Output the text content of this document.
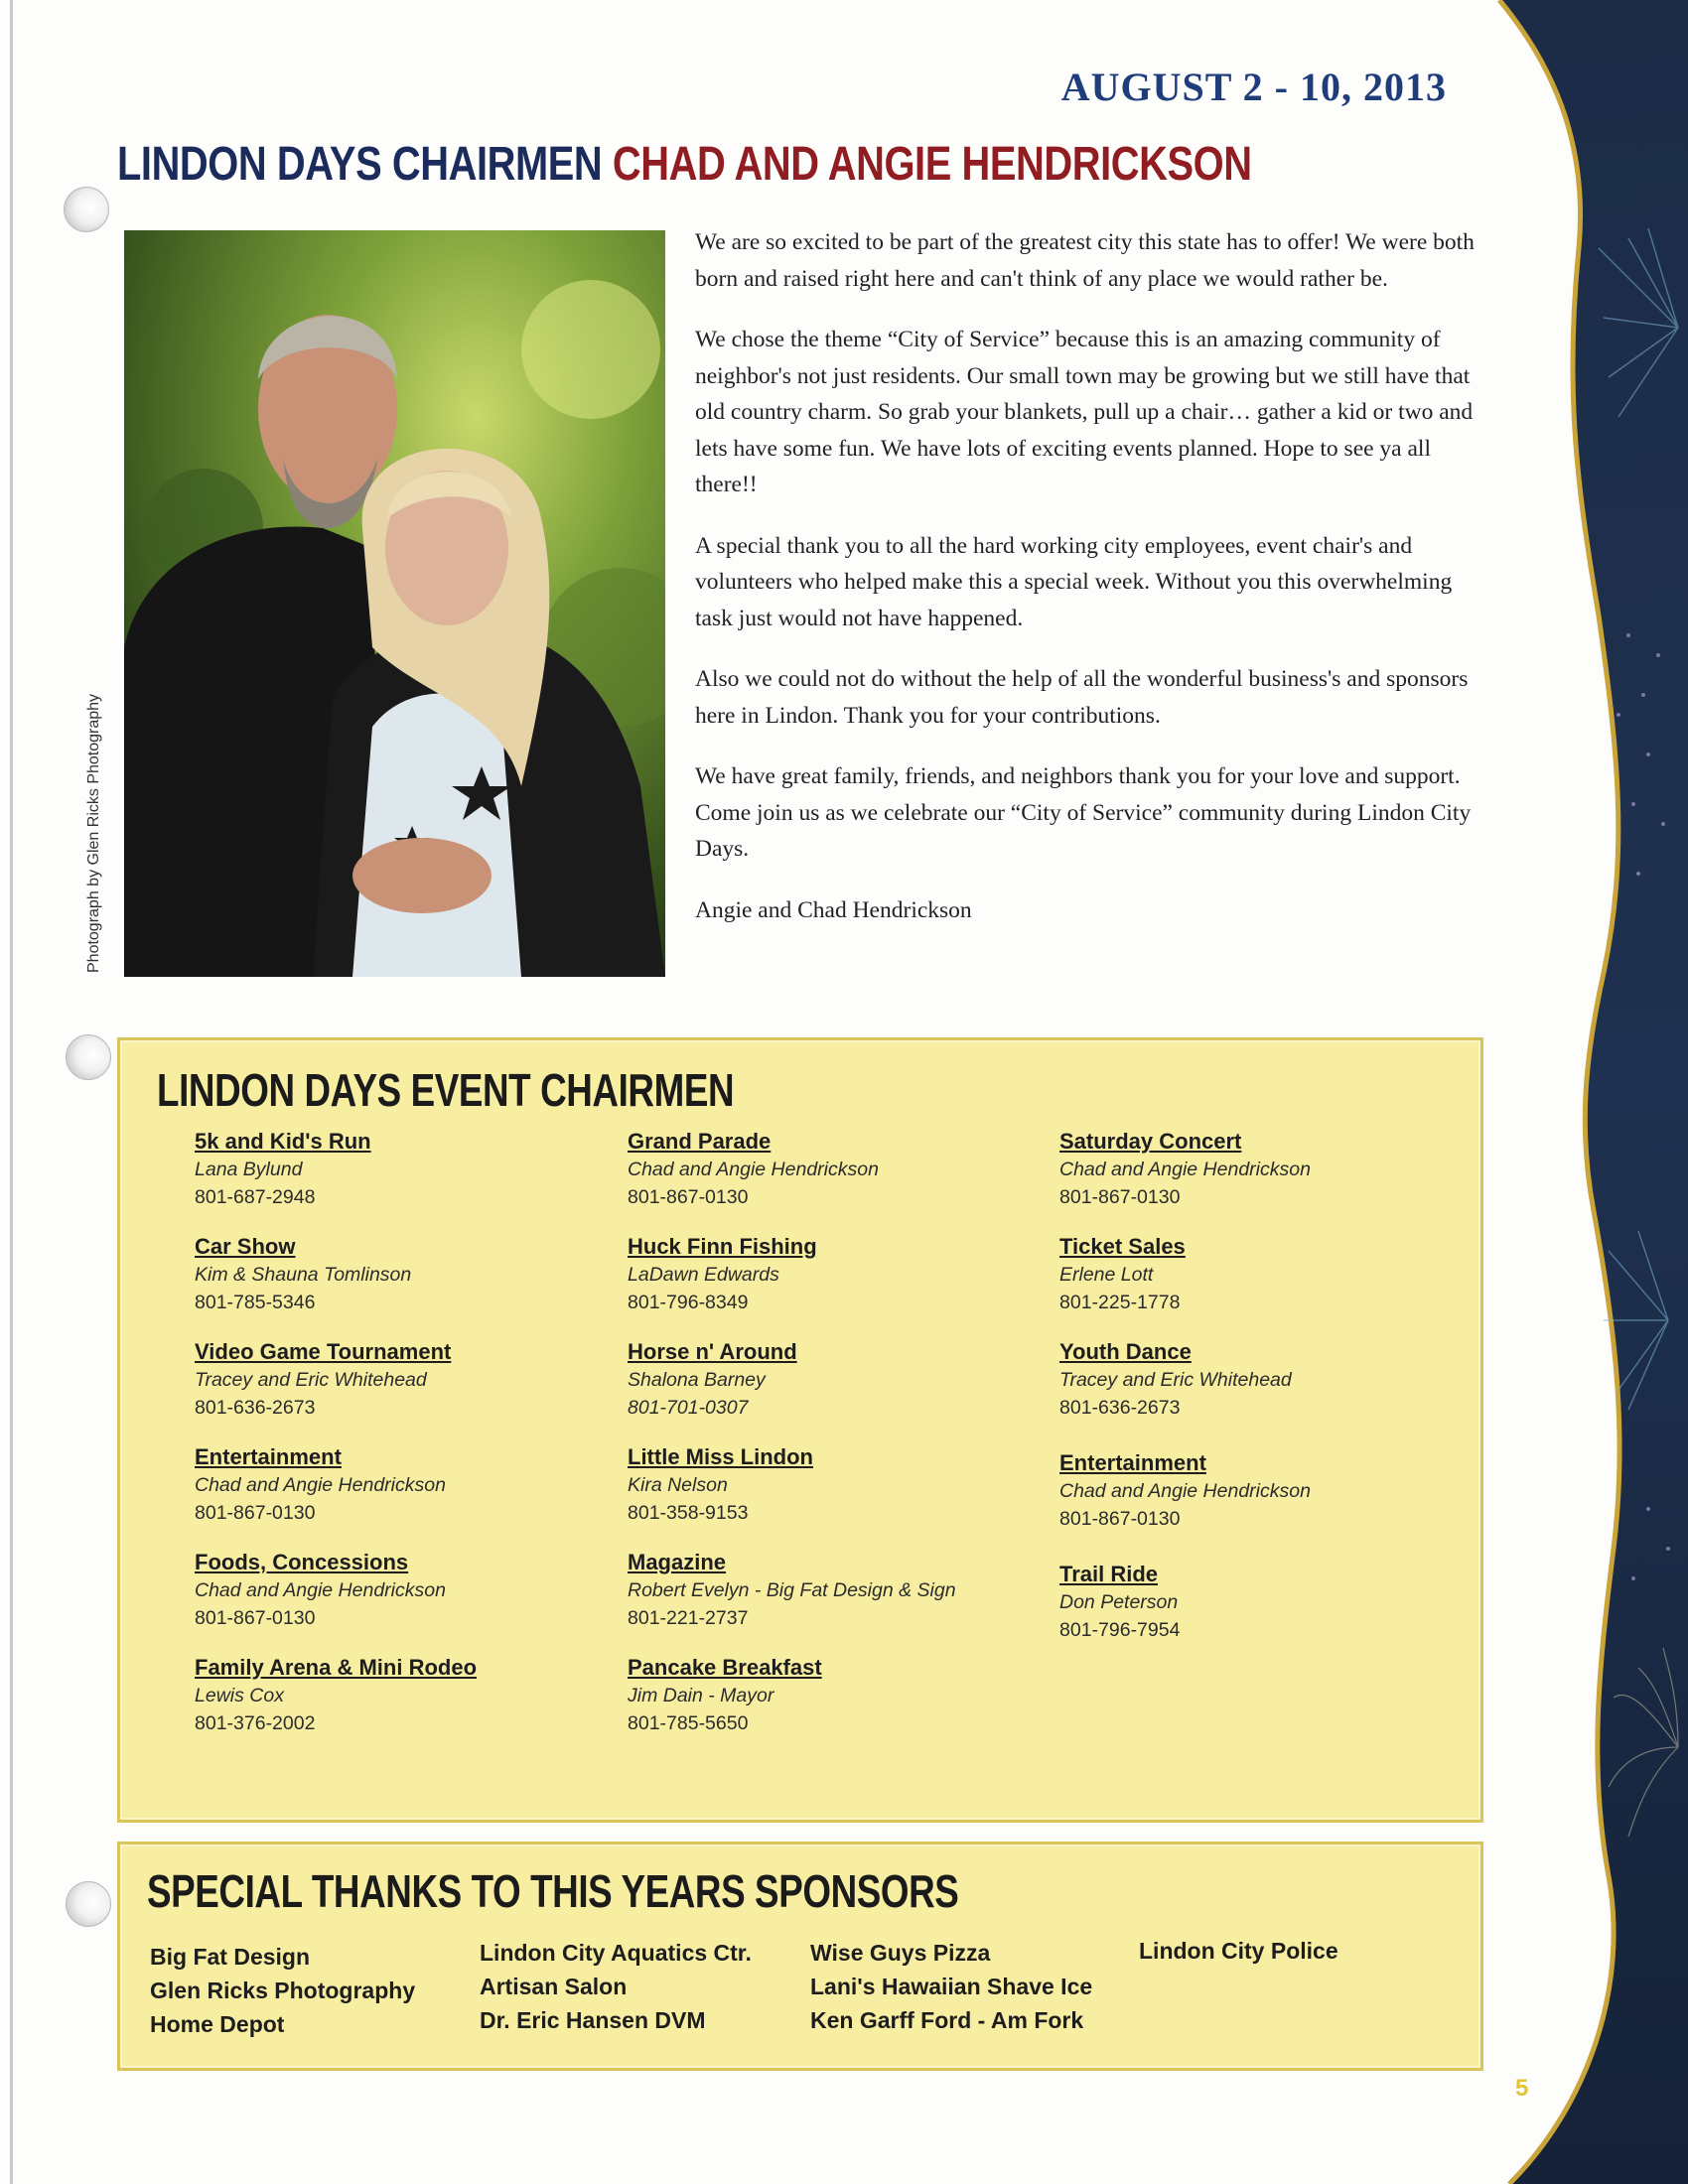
AUGUST 2 - 10, 2013
LINDON DAYS CHAIRMEN CHAD AND ANGIE HENDRICKSON
Photograph by Glen Ricks Photography

We are so excited to be part of the greatest city this state has to offer! We were both born and raised right here and can't think of any place we would rather be.

We chose the theme “City of Service” because this is an amazing community of neighbor's not just residents. Our small town may be growing but we still have that old country charm. So grab your blankets, pull up a chair… gather a kid or two and lets have some fun. We have lots of exciting events planned. Hope to see ya all there!!

A special thank you to all the hard working city employees, event chair's and volunteers who helped make this a special week. Without you this overwhelming task just would not have happened.

Also we could not do without the help of all the wonderful business's and sponsors here in Lindon. Thank you for your contributions.

We have great family, friends, and neighbors thank you for your love and support. Come join us as we celebrate our “City of Service” community during Lindon City Days.

Angie and Chad Hendrickson

LINDON DAYS EVENT CHAIRMEN
5k and Kid's Run
Lana Bylund
801-687-2948
Car Show
Kim & Shauna Tomlinson
801-785-5346
Video Game Tournament
Tracey and Eric Whitehead
801-636-2673
Entertainment
Chad and Angie Hendrickson
801-867-0130
Foods, Concessions
Chad and Angie Hendrickson
801-867-0130
Family Arena & Mini Rodeo
Lewis Cox
801-376-2002
Grand Parade
Chad and Angie Hendrickson
801-867-0130
Huck Finn Fishing
LaDawn Edwards
801-796-8349
Horse n' Around
Shalona Barney
801-701-0307
Little Miss Lindon
Kira Nelson
801-358-9153
Magazine
Robert Evelyn - Big Fat Design & Sign
801-221-2737
Pancake Breakfast
Jim Dain - Mayor
801-785-5650
Saturday Concert
Chad and Angie Hendrickson
801-867-0130
Ticket Sales
Erlene Lott
801-225-1778
Youth Dance
Tracey and Eric Whitehead
801-636-2673
Entertainment
Chad and Angie Hendrickson
801-867-0130
Trail Ride
Don Peterson
801-796-7954
SPECIAL THANKS TO THIS YEARS SPONSORS
Big Fat Design
Glen Ricks Photography
Home Depot
Lindon City Aquatics Ctr.
Artisan Salon
Dr. Eric Hansen DVM
Wise Guys Pizza
Lani's Hawaiian Shave Ice
Ken Garff Ford - Am Fork
Lindon City Police
5
